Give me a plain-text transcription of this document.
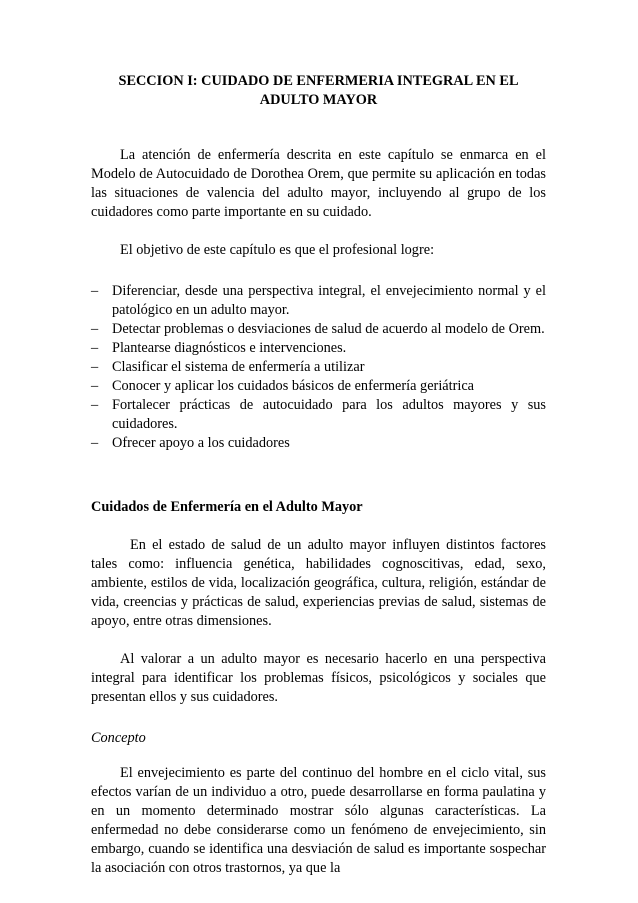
SECCION I: CUIDADO DE ENFERMERIA INTEGRAL EN EL
ADULTO MAYOR

La atención de enfermería descrita en este capítulo se enmarca en el Modelo de Autocuidado de Dorothea Orem, que permite su aplicación en todas las situaciones de valencia del adulto mayor, incluyendo al grupo de los cuidadores como parte importante en su cuidado.

El objetivo de este capítulo es que el profesional logre:

– Diferenciar, desde una perspectiva integral, el envejecimiento normal y el patológico en un adulto mayor.
– Detectar problemas o desviaciones de salud de acuerdo al modelo de Orem.
– Plantearse diagnósticos e intervenciones.
– Clasificar el sistema de enfermería a utilizar
– Conocer y aplicar los cuidados básicos de enfermería geriátrica
– Fortalecer prácticas de autocuidado para los adultos mayores y sus cuidadores.
– Ofrecer apoyo a los cuidadores
Cuidados de Enfermería en el Adulto Mayor

En el estado de salud de un adulto mayor influyen distintos factores tales como: influencia genética, habilidades cognoscitivas, edad, sexo, ambiente, estilos de vida, localización geográfica, cultura, religión, estándar de vida, creencias y prácticas de salud, experiencias previas de salud, sistemas de apoyo, entre otras dimensiones.

Al valorar a un adulto mayor es necesario hacerlo en una perspectiva integral para identificar los problemas físicos, psicológicos y sociales que presentan ellos y sus cuidadores.

Concepto

El envejecimiento es parte del continuo del hombre en el ciclo vital, sus efectos varían de un individuo a otro, puede desarrollarse en forma paulatina y en un momento determinado mostrar sólo algunas características. La enfermedad no debe considerarse como un fenómeno de envejecimiento, sin embargo, cuando se identifica una desviación de salud es importante sospechar la asociación con otros trastornos, ya que la
